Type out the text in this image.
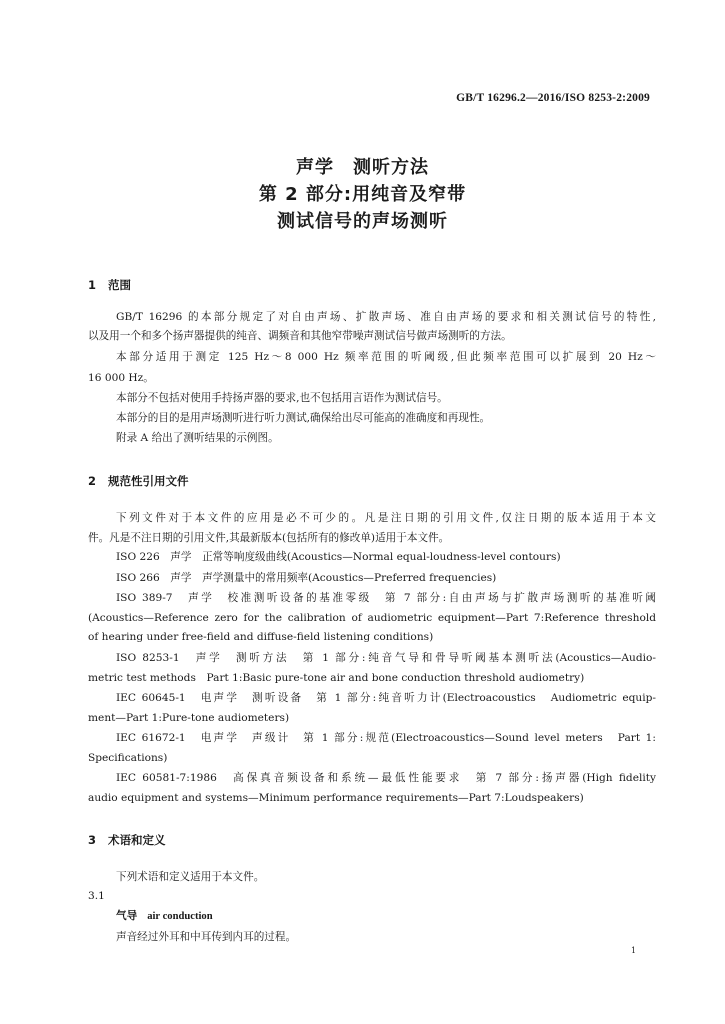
GB/T 16296.2—2016/ISO 8253-2:2009
声学　测听方法
第 2 部分:用纯音及窄带
测试信号的声场测听
1 范围
GB/T 16296 的本部分规定了对自由声场、扩散声场、准自由声场的要求和相关测试信号的特性,
以及用一个和多个扬声器提供的纯音、调频音和其他窄带噪声测试信号做声场测听的方法。
本部分适用于测定 125 Hz～8 000 Hz 频率范围的听阈级,但此频率范围可以扩展到 20 Hz～
16 000 Hz。
本部分不包括对使用手持扬声器的要求,也不包括用言语作为测试信号。
本部分的目的是用声场测听进行听力测试,确保给出尽可能高的准确度和再现性。
附录 A 给出了测听结果的示例图。
2 规范性引用文件
下列文件对于本文件的应用是必不可少的。凡是注日期的引用文件,仅注日期的版本适用于本文
件。凡是不注日期的引用文件,其最新版本(包括所有的修改单)适用于本文件。
ISO 226　声学　正常等响度级曲线(Acoustics—Normal equal-loudness-level contours)
ISO 266　声学　声学测量中的常用频率(Acoustics—Preferred frequencies)
ISO 389-7　声学　校准测听设备的基准零级　第 7 部分:自由声场与扩散声场测听的基准听阈
(Acoustics—Reference zero for the calibration of audiometric equipment—Part 7:Reference threshold
of hearing under free-field and diffuse-field listening conditions)
ISO 8253-1　声学　测听方法　第 1 部分:纯音气导和骨导听阈基本测听法(Acoustics—Audio-
metric test methods　Part 1:Basic pure-tone air and bone conduction threshold audiometry)
IEC 60645-1　电声学　测听设备　第 1 部分:纯音听力计(Electroacoustics　Audiometric equip-
ment—Part 1:Pure-tone audiometers)
IEC 61672-1　电声学　声级计　第 1 部分:规范(Electroacoustics—Sound level meters　Part 1:
Specifications)
IEC 60581-7:1986　高保真音频设备和系统—最低性能要求　第 7 部分:扬声器(High fidelity
audio equipment and systems—Minimum performance requirements—Part 7:Loudspeakers)
3 术语和定义
下列术语和定义适用于本文件。
3.1
气导 air conduction
声音经过外耳和中耳传到内耳的过程。
1
